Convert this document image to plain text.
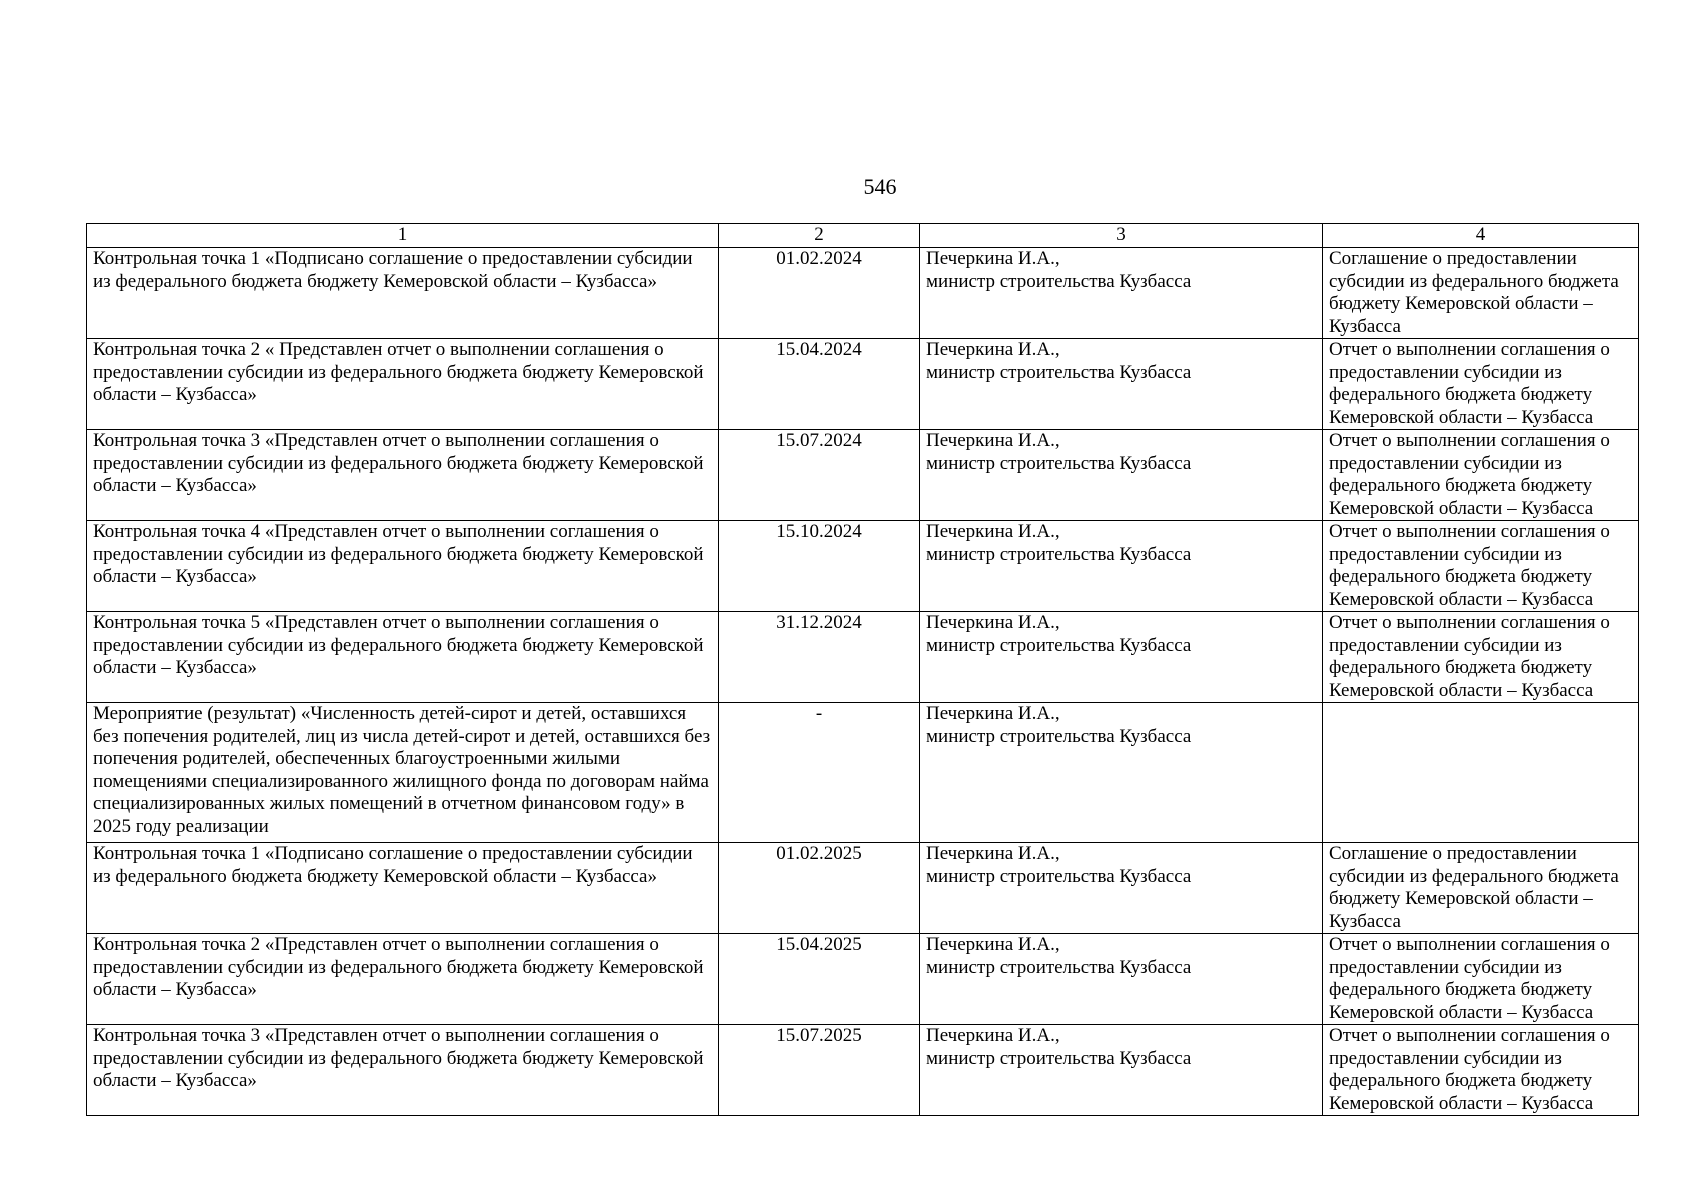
546
1	2	3	4
Контрольная точка 1 «Подписано соглашение о предоставлении субсидии из федерального бюджета бюджету Кемеровской области – Кузбасса»	01.02.2024	Печеркина И.А.,
министр строительства Кузбасса	Соглашение о предоставлении субсидии из федерального бюджета бюджету Кемеровской области – Кузбасса
Контрольная точка 2 « Представлен отчет о выполнении соглашения о предоставлении субсидии из федерального бюджета бюджету Кемеровской области – Кузбасса»	15.04.2024	Печеркина И.А.,
министр строительства Кузбасса	Отчет о выполнении соглашения о предоставлении субсидии из федерального бюджета бюджету Кемеровской области – Кузбасса
Контрольная точка 3 «Представлен отчет о выполнении соглашения о предоставлении субсидии из федерального бюджета бюджету Кемеровской области – Кузбасса»	15.07.2024	Печеркина И.А.,
министр строительства Кузбасса	Отчет о выполнении соглашения о предоставлении субсидии из федерального бюджета бюджету Кемеровской области – Кузбасса
Контрольная точка 4 «Представлен отчет о выполнении соглашения о предоставлении субсидии из федерального бюджета бюджету Кемеровской области – Кузбасса»	15.10.2024	Печеркина И.А.,
министр строительства Кузбасса	Отчет о выполнении соглашения о предоставлении субсидии из федерального бюджета бюджету Кемеровской области – Кузбасса
Контрольная точка 5 «Представлен отчет о выполнении соглашения о предоставлении субсидии из федерального бюджета бюджету Кемеровской области – Кузбасса»	31.12.2024	Печеркина И.А.,
министр строительства Кузбасса	Отчет о выполнении соглашения о предоставлении субсидии из федерального бюджета бюджету Кемеровской области – Кузбасса
Мероприятие (результат) «Численность детей-сирот и детей, оставшихся без попечения родителей, лиц из числа детей-сирот и детей, оставшихся без попечения родителей, обеспеченных благоустроенными жилыми помещениями специализированного жилищного фонда по договорам найма специализированных жилых помещений в отчетном финансовом году» в 2025 году реализации	-	Печеркина И.А.,
министр строительства Кузбасса	

Контрольная точка 1 «Подписано соглашение о предоставлении субсидии из федерального бюджета бюджету Кемеровской области – Кузбасса»	01.02.2025	Печеркина И.А.,
министр строительства Кузбасса	Соглашение о предоставлении субсидии из федерального бюджета бюджету Кемеровской области – Кузбасса
Контрольная точка 2 «Представлен отчет о выполнении соглашения о предоставлении субсидии из федерального бюджета бюджету Кемеровской области – Кузбасса»	15.04.2025	Печеркина И.А.,
министр строительства Кузбасса	Отчет о выполнении соглашения о предоставлении субсидии из федерального бюджета бюджету Кемеровской области – Кузбасса
Контрольная точка 3 «Представлен отчет о выполнении соглашения о предоставлении субсидии из федерального бюджета бюджету Кемеровской области – Кузбасса»	15.07.2025	Печеркина И.А.,
министр строительства Кузбасса	Отчет о выполнении соглашения о предоставлении субсидии из федерального бюджета бюджету Кемеровской области – Кузбасса
